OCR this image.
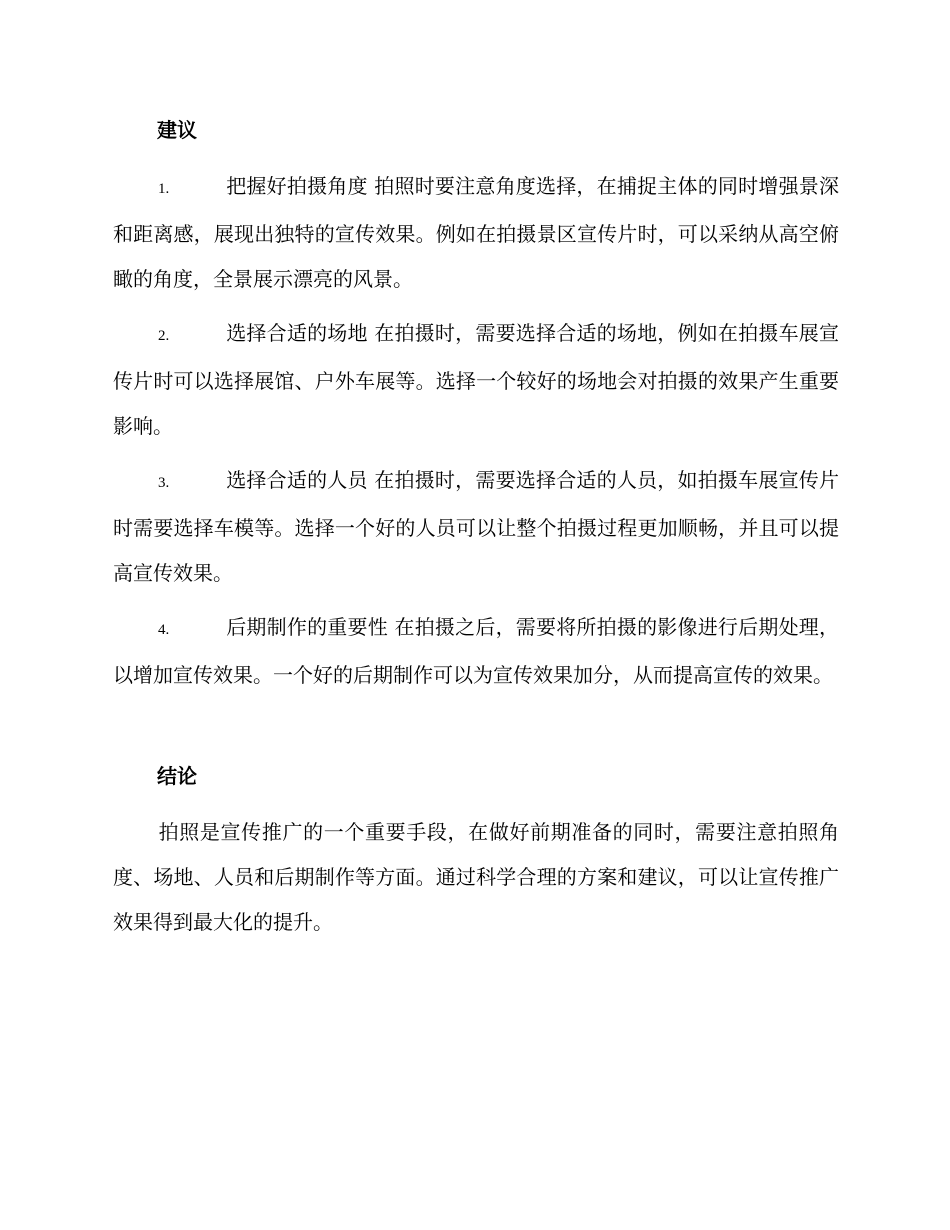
建议

1.	把握好拍摄角度 拍照时要注意角度选择，在捕捉主体的同时增强景深和距离感，展现出独特的宣传效果。例如在拍摄景区宣传片时，可以采纳从高空俯瞰的角度，全景展示漂亮的风景。

2.	选择合适的场地 在拍摄时，需要选择合适的场地，例如在拍摄车展宣传片时可以选择展馆、户外车展等。选择一个较好的场地会对拍摄的效果产生重要影响。

3.	选择合适的人员 在拍摄时，需要选择合适的人员，如拍摄车展宣传片时需要选择车模等。选择一个好的人员可以让整个拍摄过程更加顺畅，并且可以提高宣传效果。

4.	后期制作的重要性 在拍摄之后，需要将所拍摄的影像进行后期处理，以增加宣传效果。一个好的后期制作可以为宣传效果加分，从而提高宣传的效果。

结论

拍照是宣传推广的一个重要手段，在做好前期准备的同时，需要注意拍照角度、场地、人员和后期制作等方面。通过科学合理的方案和建议，可以让宣传推广效果得到最大化的提升。
